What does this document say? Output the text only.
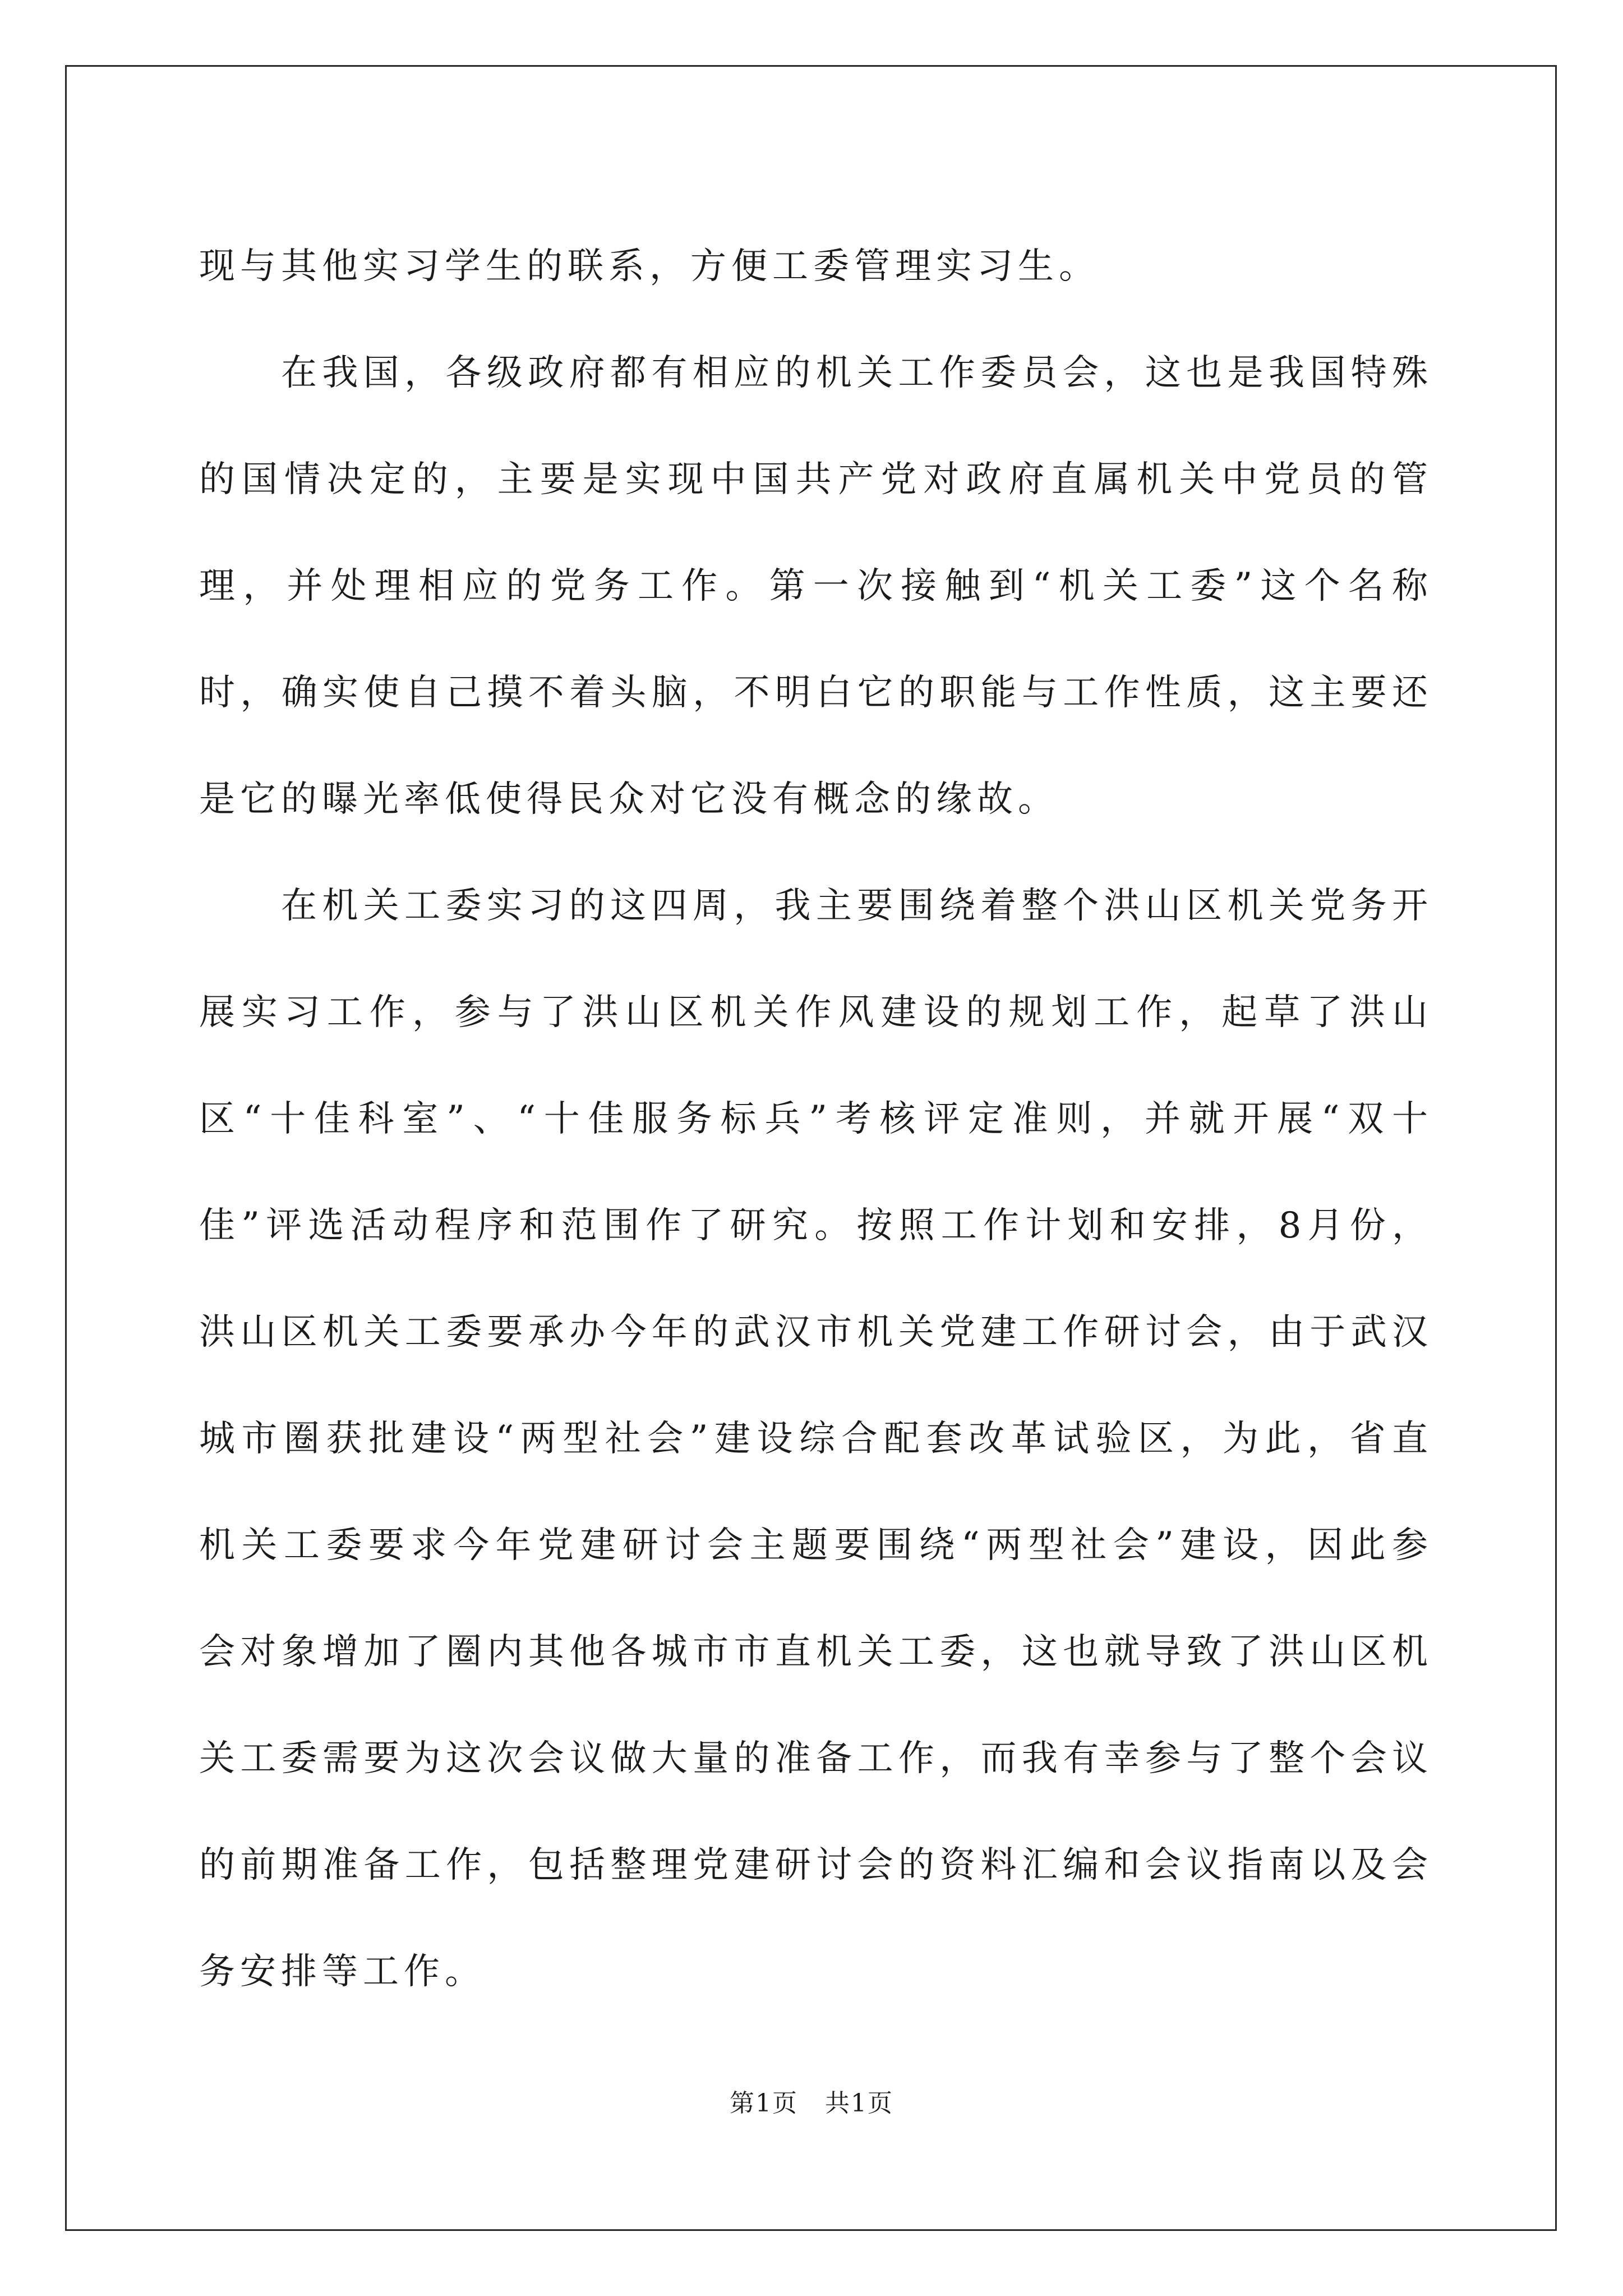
现与其他实习学生的联系，方便工委管理实习生。

在我国，各级政府都有相应的机关工作委员会，这也是我国特殊的国情决定的，主要是实现中国共产党对政府直属机关中党员的管理，并处理相应的党务工作。第一次接触到“机关工委”这个名称时，确实使自己摸不着头脑，不明白它的职能与工作性质，这主要还是它的曝光率低使得民众对它没有概念的缘故。

在机关工委实习的这四周，我主要围绕着整个洪山区机关党务开展实习工作，参与了洪山区机关作风建设的规划工作，起草了洪山区“十佳科室”、“十佳服务标兵”考核评定准则，并就开展“双十佳”评选活动程序和范围作了研究。按照工作计划和安排，8月份，洪山区机关工委要承办今年的武汉市机关党建工作研讨会，由于武汉城市圈获批建设“两型社会”建设综合配套改革试验区，为此，省直机关工委要求今年党建研讨会主题要围绕“两型社会”建设，因此参会对象增加了圈内其他各城市市直机关工委，这也就导致了洪山区机关工委需要为这次会议做大量的准备工作，而我有幸参与了整个会议的前期准备工作，包括整理党建研讨会的资料汇编和会议指南以及会务安排等工作。

第1页 共1页
